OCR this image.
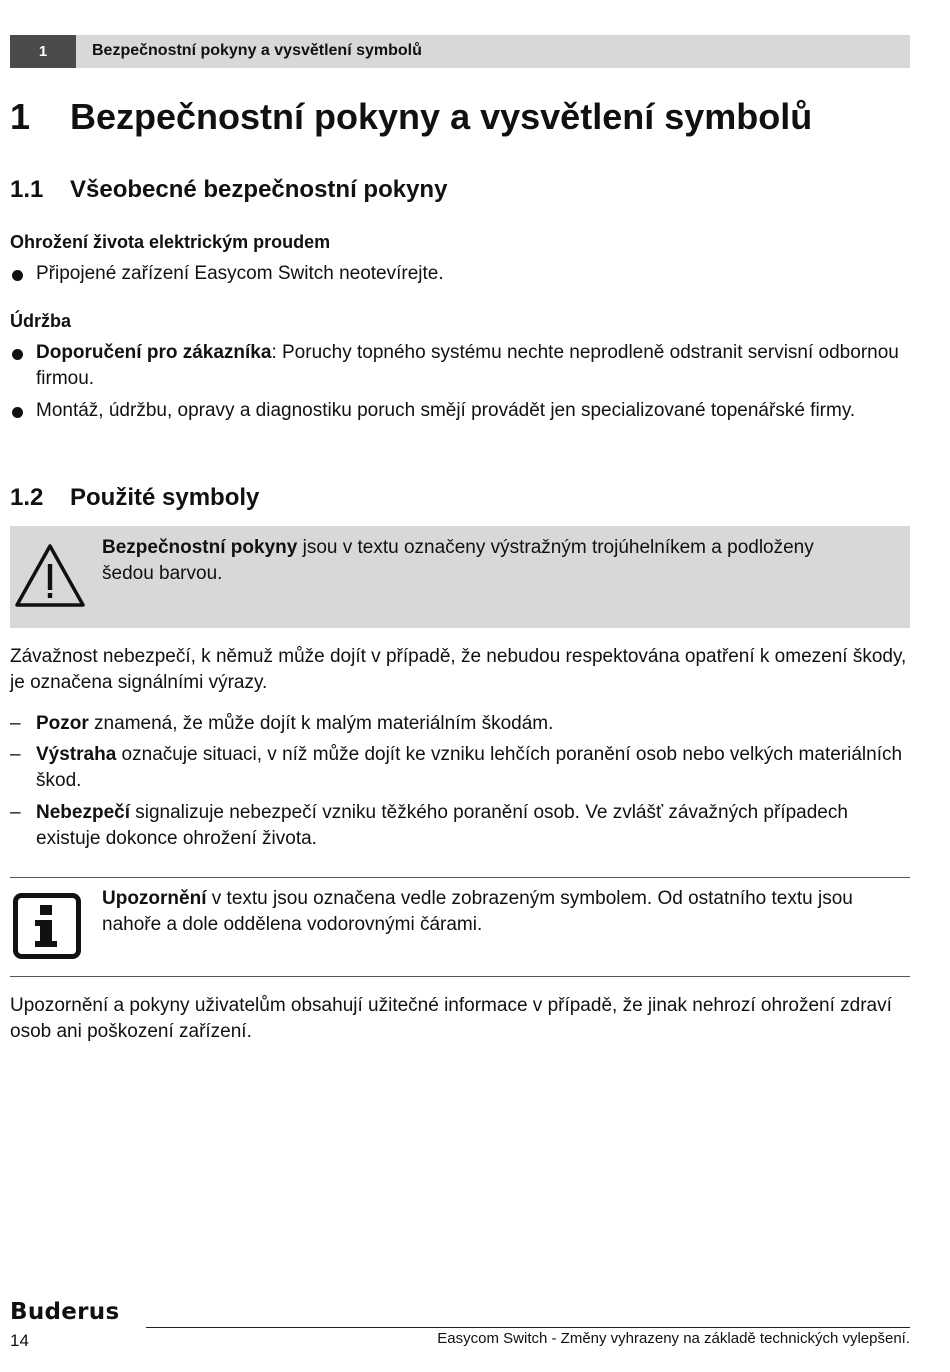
1	Bezpečnostní pokyny a vysvětlení symbolů
1 Bezpečnostní pokyny a vysvětlení symbolů
1.1 Všeobecné bezpečnostní pokyny
Ohrožení života elektrickým proudem
Připojené zařízení Easycom Switch neotevírejte.
Údržba
Doporučení pro zákazníka: Poruchy topného systému nechte neprodleně odstranit servisní odbornou firmou.
Montáž, údržbu, opravy a diagnostiku poruch smějí provádět jen specializované topenářské firmy.
1.2 Použité symboly
Bezpečnostní pokyny jsou v textu označeny výstražným trojúhelníkem a podloženy šedou barvou.
Závažnost nebezpečí, k němuž může dojít v případě, že nebudou respektována opatření k omezení škody, je označena signálními výrazy.
– Pozor znamená, že může dojít k malým materiálním škodám.
– Výstraha označuje situaci, v níž může dojít ke vzniku lehčích poranění osob nebo velkých materiálních škod.
– Nebezpečí signalizuje nebezpečí vzniku těžkého poranění osob. Ve zvlášť závažných případech existuje dokonce ohrožení života.
Upozornění v textu jsou označena vedle zobrazeným symbolem. Od ostatního textu jsou nahoře a dole oddělena vodorovnými čárami.
Upozornění a pokyny uživatelům obsahují užitečné informace v případě, že jinak nehrozí ohrožení zdraví osob ani poškození zařízení.
Buderus
14	Easycom Switch - Změny vyhrazeny na základě technických vylepšení.
